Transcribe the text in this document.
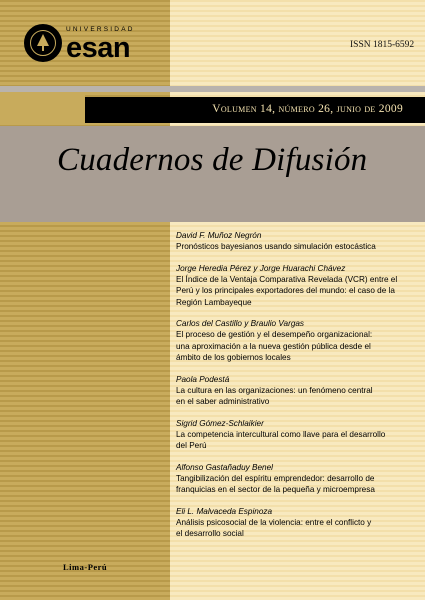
UNIVERSIDAD
esan	ISSN 1815-6592
Volumen 14, número 26, junio de 2009
Cuadernos de Difusión
David F. Muñoz Negrón
Pronósticos bayesianos usando simulación estocástica
Jorge Heredia Pérez y Jorge Huarachi Chávez
El Índice de la Ventaja Comparativa Revelada (VCR) entre el
Perú y los principales exportadores del mundo: el caso de la
Región Lambayeque
Carlos del Castillo y Braulio Vargas
El proceso de gestión y el desempeño organizacional:
una aproximación a la nueva gestión pública desde el
ámbito de los gobiernos locales
Paola Podestá
La cultura en las organizaciones: un fenómeno central
en el saber administrativo
Sigrid Gómez-Schlaikier
La competencia intercultural como llave para el desarrollo
del Perú
Alfonso Gastañaduy Benel
Tangibilización del espíritu emprendedor: desarrollo de
franquicias en el sector de la pequeña y microempresa
Eli L. Malvaceda Espinoza
Análisis psicosocial de la violencia: entre el conflicto y
el desarrollo social
Lima-Perú
